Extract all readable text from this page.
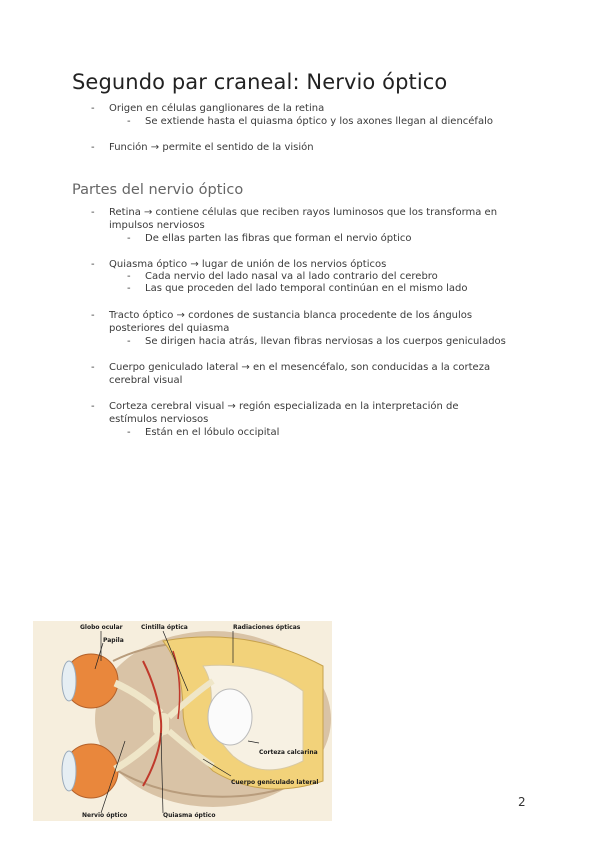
Segundo par craneal: Nervio óptico
- Origen en células ganglionares de la retina
- Se extiende hasta el quiasma óptico y los axones llegan al diencéfalo
- Función → permite el sentido de la visión
Partes del nervio óptico
- Retina → contiene células que reciben rayos luminosos que los transforma en
impulsos nerviosos
- De ellas parten las fibras que forman el nervio óptico
- Quiasma óptico → lugar de unión de los nervios ópticos
- Cada nervio del lado nasal va al lado contrario del cerebro
- Las que proceden del lado temporal continúan en el mismo lado
- Tracto óptico → cordones de sustancia blanca procedente de los ángulos
posteriores del quiasma
- Se dirigen hacia atrás, llevan fibras nerviosas a los cuerpos geniculados
- Cuerpo geniculado lateral → en el mesencéfalo, son conducidas a la corteza
cerebral visual
- Corteza cerebral visual → región especializada en la interpretación de
estímulos nerviosos
- Están en el lóbulo occipital
Globo ocular
Papila
Cintilla óptica	Radiaciones ópticas
Corteza calcarina
Cuerpo geniculado lateral
Nervio óptico	Quiasma óptico
2
